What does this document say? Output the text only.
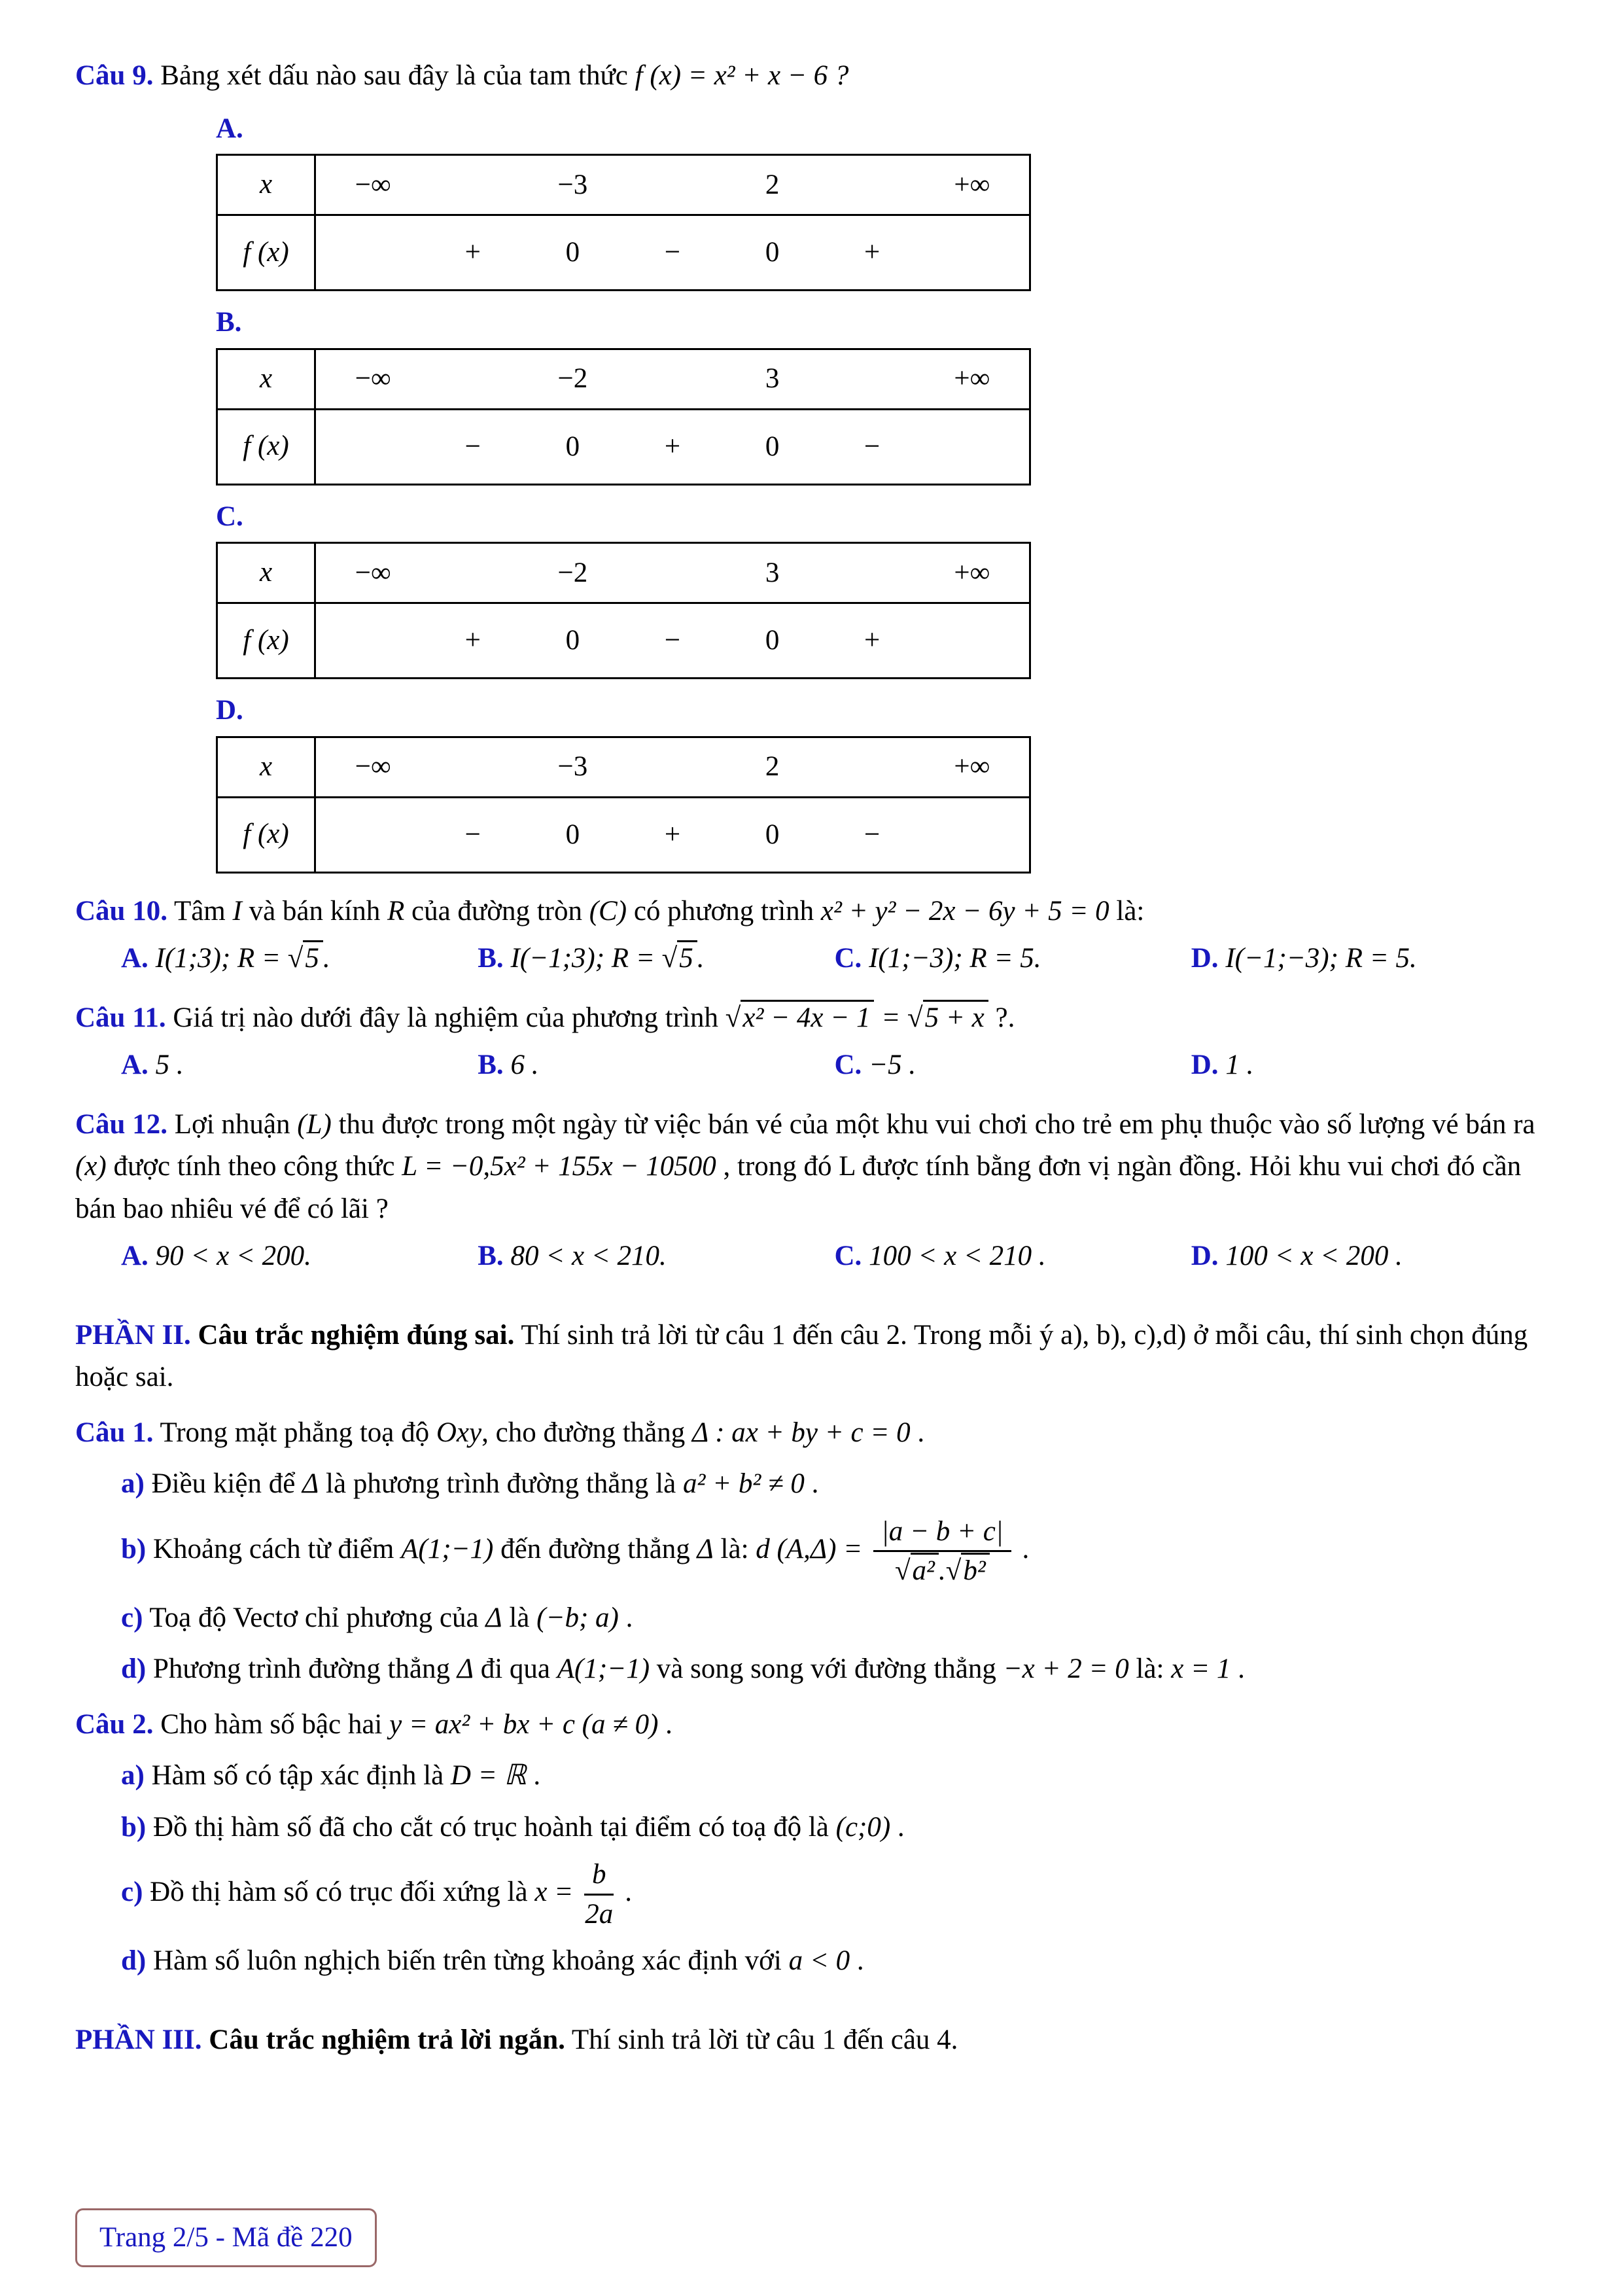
Câu 9. Bảng xét dấu nào sau đây là của tam thức f (x) = x² + x − 6 ?

A.
x	−∞	−3	2	+∞
f (x)	+	0	−	0	+
B.
x	−∞	−2	3	+∞
f (x)	−	0	+	0	−
C.
x	−∞	−2	3	+∞
f (x)	+	0	−	0	+
D.
x	−∞	−3	2	+∞
f (x)	−	0	+	0	−

Câu 10. Tâm I và bán kính R của đường tròn (C) có phương trình x² + y² − 2x − 6y + 5 = 0 là:

A. I(1;3); R = √5 .	B. I(−1;3); R = √5 .	C. I(1;−3); R = 5.	D. I(−1;−3); R = 5.

Câu 11. Giá trị nào dưới đây là nghiệm của phương trình √x² − 4x − 1 = √5 + x ?.

A. 5 .	B. 6 .	C. −5 .	D. 1 .

Câu 12. Lợi nhuận (L) thu được trong một ngày từ việc bán vé của một khu vui chơi cho trẻ em phụ thuộc vào số lượng vé bán ra (x) được tính theo công thức L = −0,5x² + 155x − 10500 , trong đó L được tính bằng đơn vị ngàn đồng. Hỏi khu vui chơi đó cần bán bao nhiêu vé để có lãi ?

A. 90 < x < 200.	B. 80 < x < 210.	C. 100 < x < 210 .	D. 100 < x < 200 .

PHẦN II. Câu trắc nghiệm đúng sai. Thí sinh trả lời từ câu 1 đến câu 2. Trong mỗi ý a), b), c),d) ở mỗi câu, thí sinh chọn đúng hoặc sai.

Câu 1. Trong mặt phẳng toạ độ Oxy, cho đường thẳng Δ : ax + by + c = 0 .

a) Điều kiện để Δ là phương trình đường thẳng là a² + b² ≠ 0 .
b) Khoảng cách từ điểm A(1;−1) đến đường thẳng Δ là: d $(A,\Delta) = \frac{|a - b + c|}{\text{√a² .√b²}}$ .
c) Toạ độ Vectơ chỉ phương của Δ là (−b; a) .
d) Phương trình đường thẳng Δ đi qua A(1;−1) và song song với đường thẳng −x + 2 = 0 là: x = 1 .

Câu 2. Cho hàm số bậc hai y = ax² + bx + c (a ≠ 0) .

a) Hàm số có tập xác định là D = ℝ .
b) Đồ thị hàm số đã cho cắt có trục hoành tại điểm có toạ độ là (c;0) .
c) Đồ thị hàm số có trục đối xứng là $x = \frac{b}{2a}$ .
d) Hàm số luôn nghịch biến trên từng khoảng xác định với a < 0 .

PHẦN III. Câu trắc nghiệm trả lời ngắn. Thí sinh trả lời từ câu 1 đến câu 4.

Trang 2/5 - Mã đề 220
